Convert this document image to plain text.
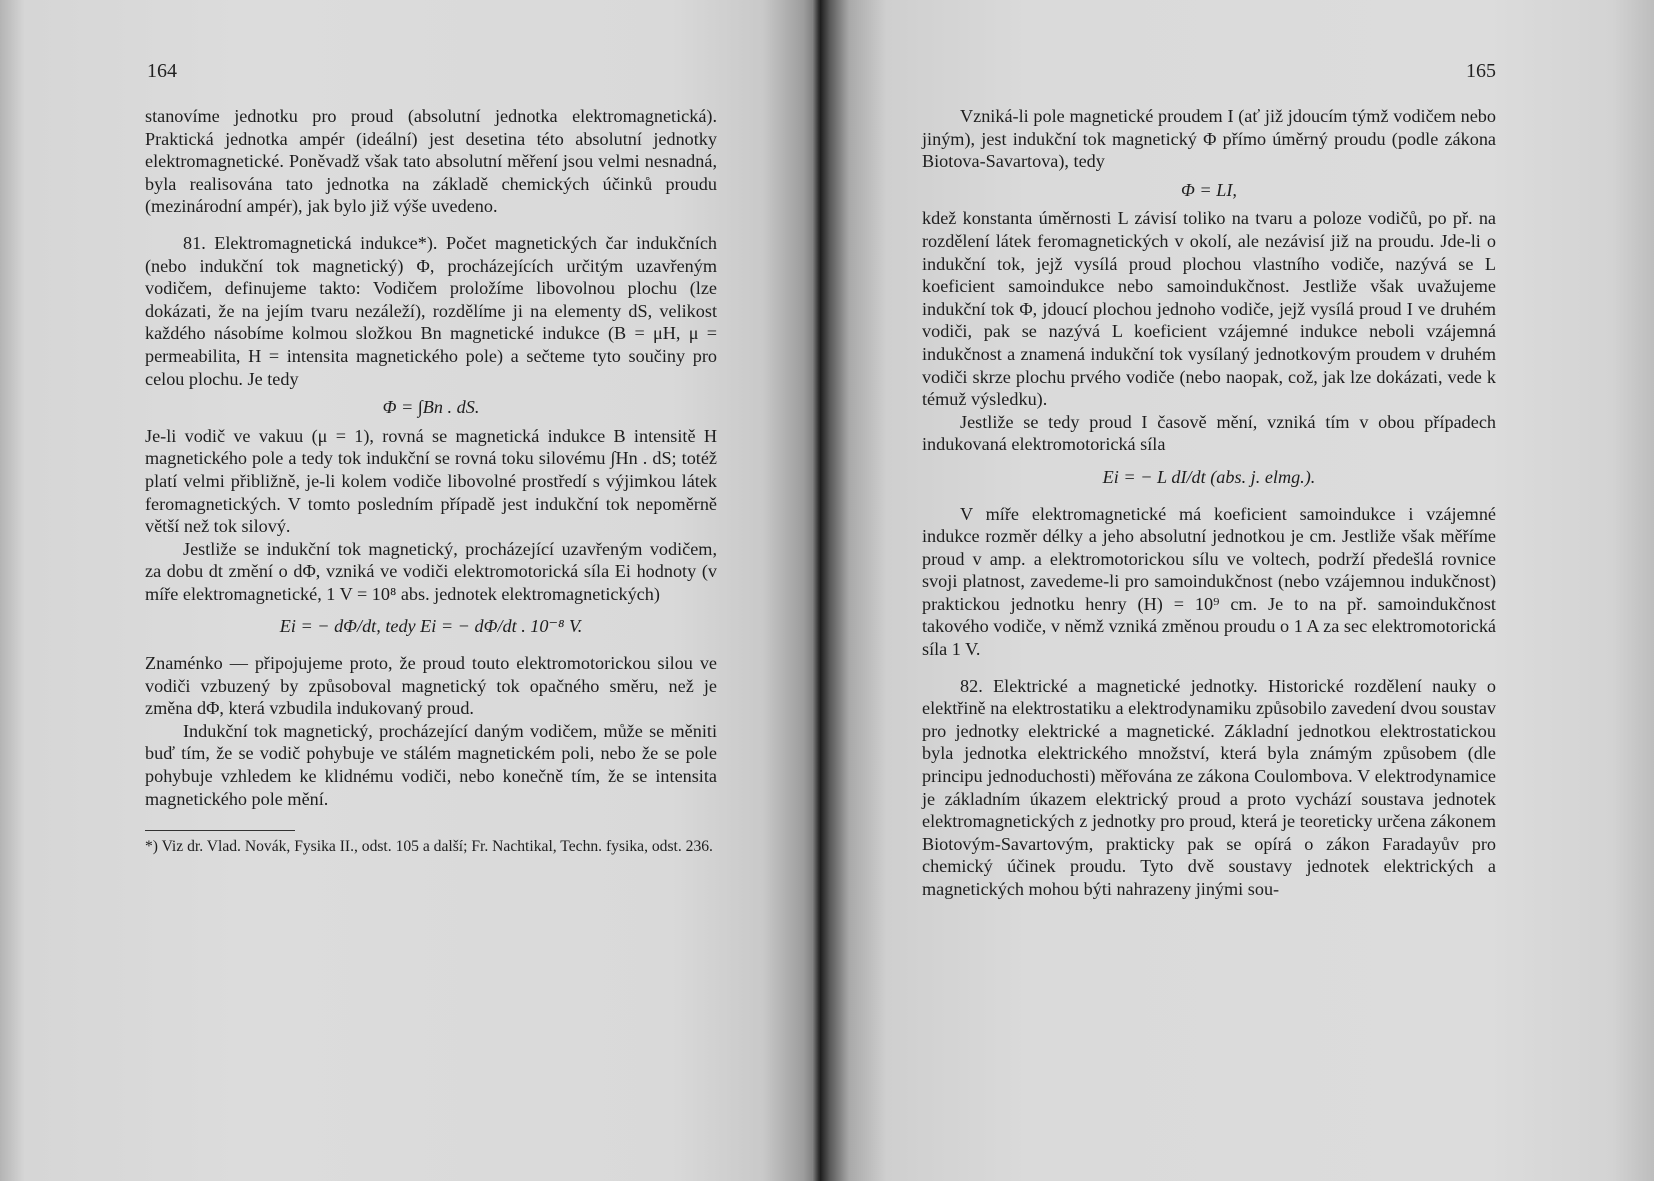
164

stanovíme jednotku pro proud (absolutní jednotka elektromagnetická). Praktická jednotka ampér (ideální) jest desetina této absolutní jednotky elektromagnetické. Poněvadž však tato absolutní měření jsou velmi nesnadná, byla realisována tato jednotka na základě chemických účinků proudu (mezinárodní ampér), jak bylo již výše uvedeno.

81. Elektromagnetická indukce*). Počet magnetických čar indukčních (nebo indukční tok magnetický) Φ, procházejících určitým uzavřeným vodičem, definujeme takto: Vodičem proložíme libovolnou plochu (lze dokázati, že na jejím tvaru nezáleží), rozdělíme ji na elementy dS, velikost každého násobíme kolmou složkou Bn magnetické indukce (B = μH, μ = permeabilita, H = intensita magnetického pole) a sečteme tyto součiny pro celou plochu. Je tedy

Φ = ∫Bn . dS.

Je-li vodič ve vakuu (μ = 1), rovná se magnetická indukce B intensitě H magnetického pole a tedy tok indukční se rovná toku silovému ∫Hn . dS; totéž platí velmi přibližně, je-li kolem vodiče libovolné prostředí s výjimkou látek feromagnetických. V tomto posledním případě jest indukční tok nepoměrně větší než tok silový.

Jestliže se indukční tok magnetický, procházející uzavřeným vodičem, za dobu dt změní o dΦ, vzniká ve vodiči elektromotorická síla Ei hodnoty (v míře elektromagnetické, 1 V = 10⁸ abs. jednotek elektromagnetických)

Ei = − dΦ/dt, tedy Ei = − dΦ/dt . 10⁻⁸ V.

Znaménko — připojujeme proto, že proud touto elektromotorickou silou ve vodiči vzbuzený by způsoboval magnetický tok opačného směru, než je změna dΦ, která vzbudila indukovaný proud.

Indukční tok magnetický, procházející daným vodičem, může se měniti buď tím, že se vodič pohybuje ve stálém magnetickém poli, nebo že se pole pohybuje vzhledem ke klidnému vodiči, nebo konečně tím, že se intensita magnetického pole mění.

*) Viz dr. Vlad. Novák, Fysika II., odst. 105 a další; Fr. Nachtikal, Techn. fysika, odst. 236.

165

Vzniká-li pole magnetické proudem I (ať již jdoucím týmž vodičem nebo jiným), jest indukční tok magnetický Φ přímo úměrný proudu (podle zákona Biotova-Savartova), tedy

Φ = LI,

kdež konstanta úměrnosti L závisí toliko na tvaru a poloze vodičů, po př. na rozdělení látek feromagnetických v okolí, ale nezávisí již na proudu. Jde-li o indukční tok, jejž vysílá proud plochou vlastního vodiče, nazývá se L koeficient samoindukce nebo samoindukčnost. Jestliže však uvažujeme indukční tok Φ, jdoucí plochou jednoho vodiče, jejž vysílá proud I ve druhém vodiči, pak se nazývá L koeficient vzájemné indukce neboli vzájemná indukčnost a znamená indukční tok vysílaný jednotkovým proudem v druhém vodiči skrze plochu prvého vodiče (nebo naopak, což, jak lze dokázati, vede k témuž výsledku).

Jestliže se tedy proud I časově mění, vzniká tím v obou případech indukovaná elektromotorická síla

Ei = − L dI/dt (abs. j. elmg.).

V míře elektromagnetické má koeficient samoindukce i vzájemné indukce rozměr délky a jeho absolutní jednotkou je cm. Jestliže však měříme proud v amp. a elektromotorickou sílu ve voltech, podrží předešlá rovnice svoji platnost, zavedeme-li pro samoindukčnost (nebo vzájemnou indukčnost) praktickou jednotku henry (H) = 10⁹ cm. Je to na př. samoindukčnost takového vodiče, v němž vzniká změnou proudu o 1 A za sec elektromotorická síla 1 V.

82. Elektrické a magnetické jednotky. Historické rozdělení nauky o elektřině na elektrostatiku a elektrodynamiku způsobilo zavedení dvou soustav pro jednotky elektrické a magnetické. Základní jednotkou elektrostatickou byla jednotka elektrického množství, která byla známým způsobem (dle principu jednoduchosti) měřována ze zákona Coulombova. V elektrodynamice je základním úkazem elektrický proud a proto vychází soustava jednotek elektromagnetických z jednotky pro proud, která je teoreticky určena zákonem Biotovým-Savartovým, prakticky pak se opírá o zákon Faradayův pro chemický účinek proudu. Tyto dvě soustavy jednotek elektrických a magnetických mohou býti nahrazeny jinými sou-
